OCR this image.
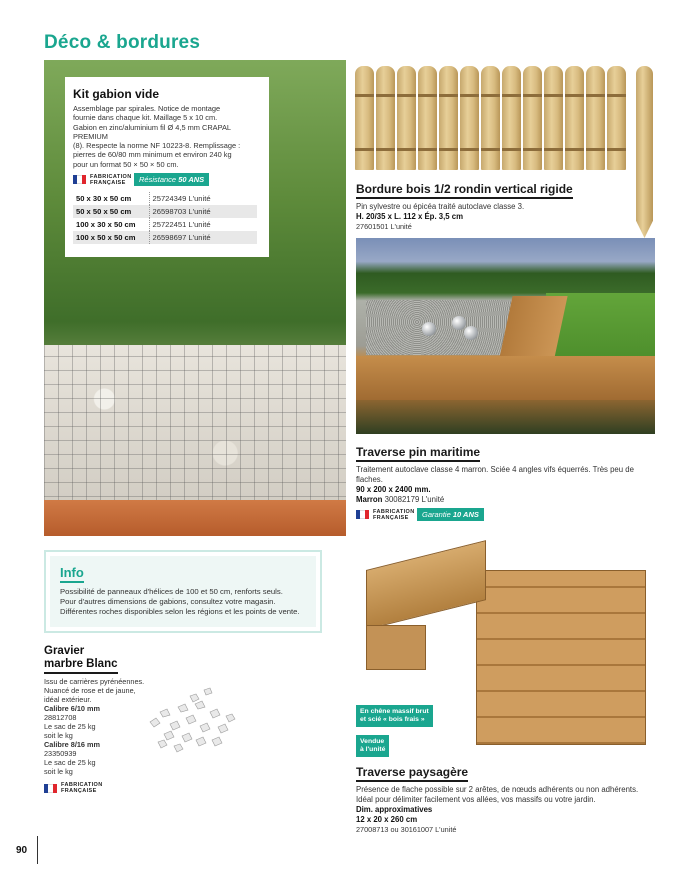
Déco & bordures
Kit gabion vide
Assemblage par spirales. Notice de montage
fournie dans chaque kit. Maillage 5 x 10 cm.
Gabion en zinc/aluminium fil Ø 4,5 mm CRAPAL PREMIUM
(8). Respecte la norme NF 10223-8. Remplissage :
pierres de 60/80 mm minimum et environ 240 kg
pour un format 50 × 50 × 50 cm.
FABRICATION
FRANÇAISE	Résistance 50 ANS
50 x 30 x 50 cm	25724349 L'unité
50 x 50 x 50 cm	26598703 L'unité
100 x 30 x 50 cm	25722451 L'unité
100 x 50 x 50 cm	26598697 L'unité
Bordure bois 1/2 rondin vertical rigide
Pin sylvestre ou épicéa traité autoclave classe 3.
H. 20/35 x L. 112 x Ép. 3,5 cm
27601501 L'unité
Traverse pin maritime
Traitement autoclave classe 4 marron. Sciée 4 angles vifs équerrés. Très peu de flaches.
90 x 200 x 2400 mm.
Marron 30082179 L'unité
FABRICATION
FRANÇAISE	Garantie 10 ANS
Info
Possibilité de panneaux d'hélices de 100 et 50 cm, renforts seuls.
Pour d'autres dimensions de gabions, consultez votre magasin.
Différentes roches disponibles selon les régions et les points de vente.
Gravier
marbre Blanc
Issu de carrières pyrénéennes.
Nuancé de rose et de jaune,
idéal extérieur.
Calibre 6/10 mm
28812708
Le sac de 25 kg
soit le kg
Calibre 8/16 mm
23350939
Le sac de 25 kg
soit le kg
FABRICATION
FRANÇAISE
En chêne massif brut
et scié « bois frais »
Vendue
à l'unité
Traverse paysagère
Présence de flache possible sur 2 arêtes, de nœuds adhérents ou non adhérents.
Idéal pour délimiter facilement vos allées, vos massifs ou votre jardin.
Dim. approximatives
12 x 20 x 260 cm
27008713 ou 30161007 L'unité
90
